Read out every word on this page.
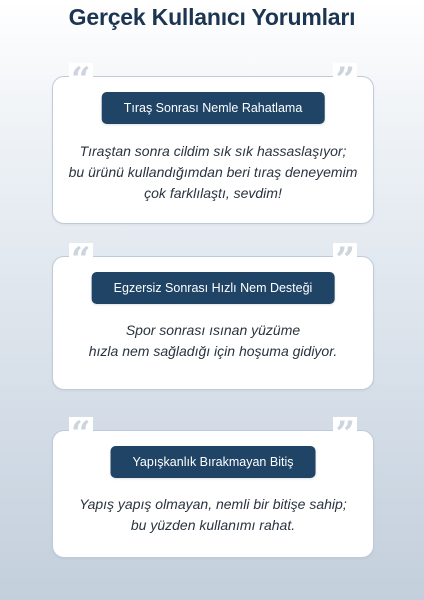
Gerçek Kullanıcı Yorumları
“	”
Tıraş Sonrası Nemle Rahatlama

Tıraştan sonra cildim sık sık hassaslaşıyor;
bu ürünü kullandığımdan beri tıraş deneyemim
çok farklılaştı, sevdim!

“	”
Egzersiz Sonrası Hızlı Nem Desteği

Spor sonrası ısınan yüzüme
hızla nem sağladığı için hoşuma gidiyor.

“	”
Yapışkanlık Bırakmayan Bitiş

Yapış yapış olmayan, nemli bir bitişe sahip;
bu yüzden kullanımı rahat.
